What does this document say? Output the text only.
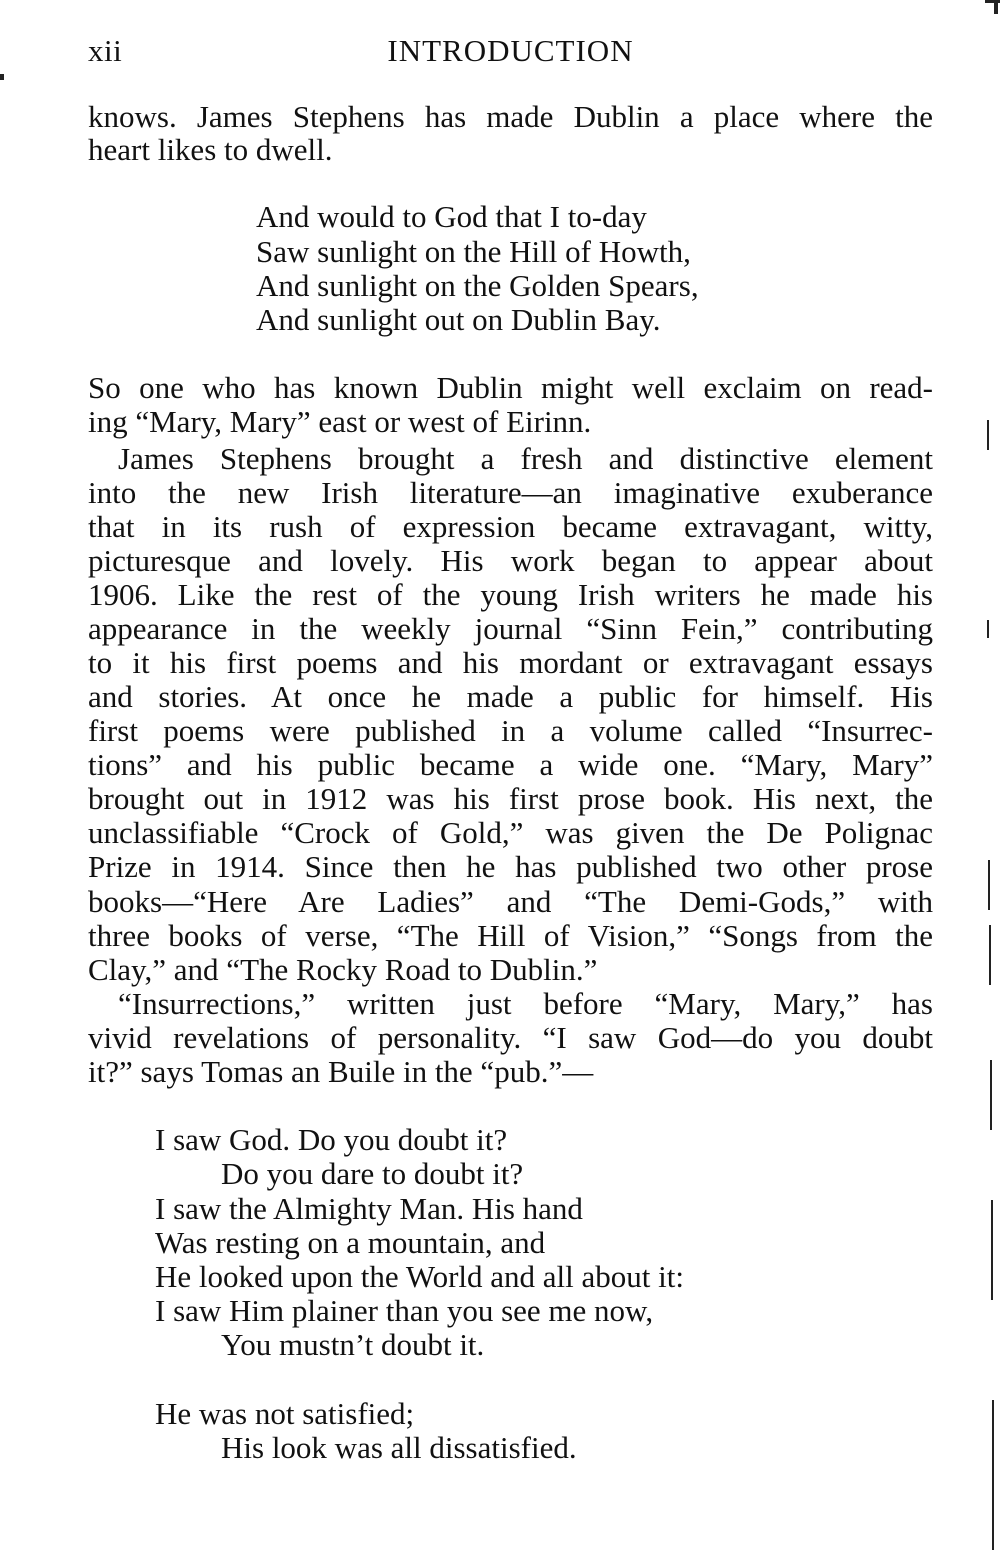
xii	INTRODUCTION
knows. James Stephens has made Dublin a place where the
heart likes to dwell.
And would to God that I to-day
Saw sunlight on the Hill of Howth,
And sunlight on the Golden Spears,
And sunlight out on Dublin Bay.
So one who has known Dublin might well exclaim on read-
ing “Mary, Mary” east or west of Eirinn.
James Stephens brought a fresh and distinctive element
into the new Irish literature—an imaginative exuberance
that in its rush of expression became extravagant, witty,
picturesque and lovely. His work began to appear about
1906. Like the rest of the young Irish writers he made his
appearance in the weekly journal “Sinn Fein,” contributing
to it his first poems and his mordant or extravagant essays
and stories. At once he made a public for himself. His
first poems were published in a volume called “Insurrec-
tions” and his public became a wide one. “Mary, Mary”
brought out in 1912 was his first prose book. His next, the
unclassifiable “Crock of Gold,” was given the De Polignac
Prize in 1914. Since then he has published two other prose
books—“Here Are Ladies” and “The Demi-Gods,” with
three books of verse, “The Hill of Vision,” “Songs from the
Clay,” and “The Rocky Road to Dublin.”
“Insurrections,” written just before “Mary, Mary,” has
vivid revelations of personality. “I saw God—do you doubt
it?” says Tomas an Buile in the “pub.”—
I saw God. Do you doubt it?
Do you dare to doubt it?
I saw the Almighty Man. His hand
Was resting on a mountain, and
He looked upon the World and all about it:
I saw Him plainer than you see me now,
You mustn’t doubt it.
He was not satisfied;
His look was all dissatisfied.
